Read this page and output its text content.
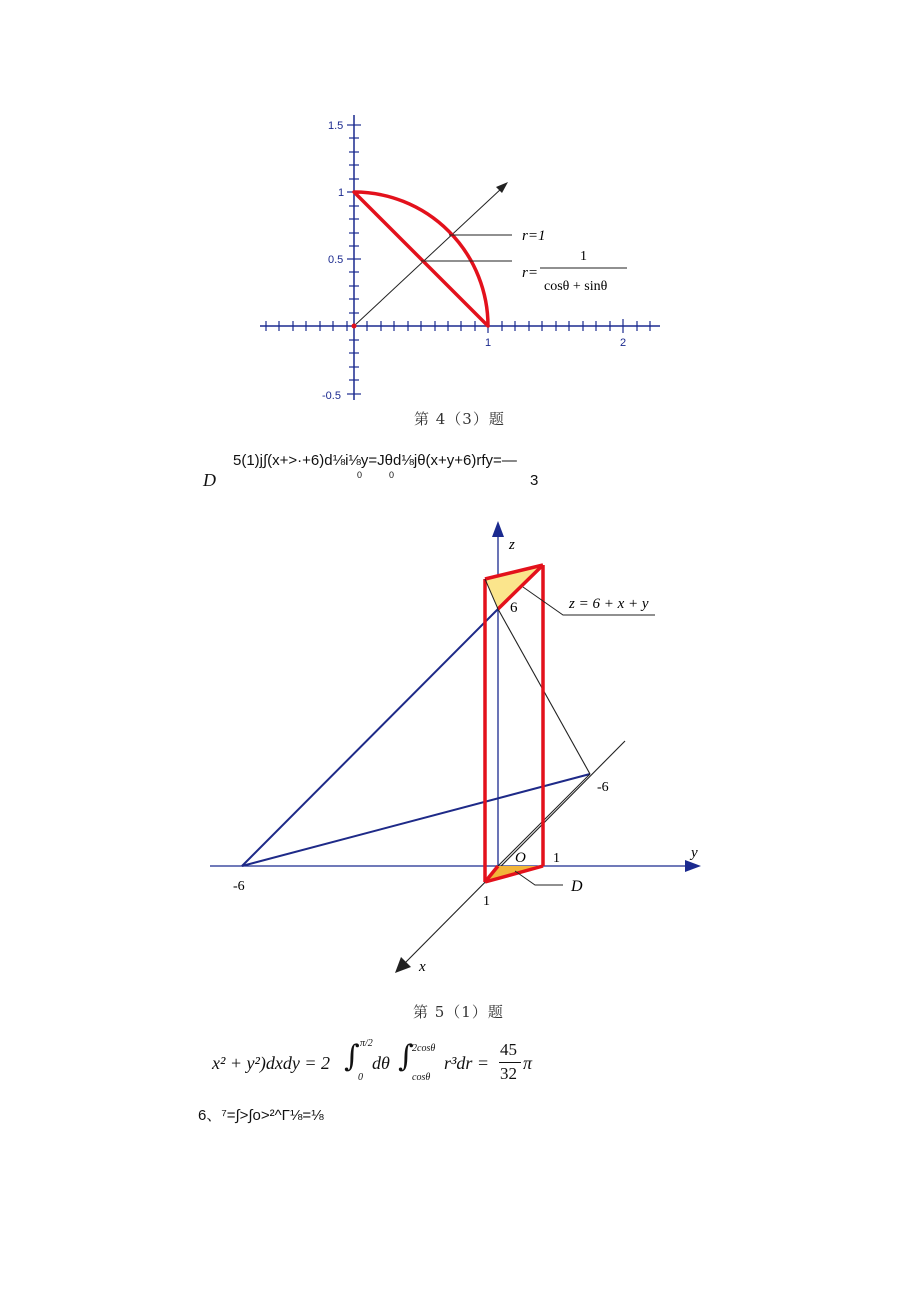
1.5
1
0.5
-0.5
1	2
r=1
r=
1
cosθ + sinθ
第 4（3）题
D
5(1)j∫(x+>·+6)d⅛i⅛y=Jθd⅛jθ(x+y+6)rfy=—
0	0	3
z
y
x
6
-6
-6
O 1
1
D
z = 6 + x + y
第 5（1）题
x² + y²)dxdy = 2 ∫ π/2
0
dθ ∫
2cosθ
cosθ
r³dr =
45
32
π
6、⁷=∫>∫o>²^Γ⅛=⅛
